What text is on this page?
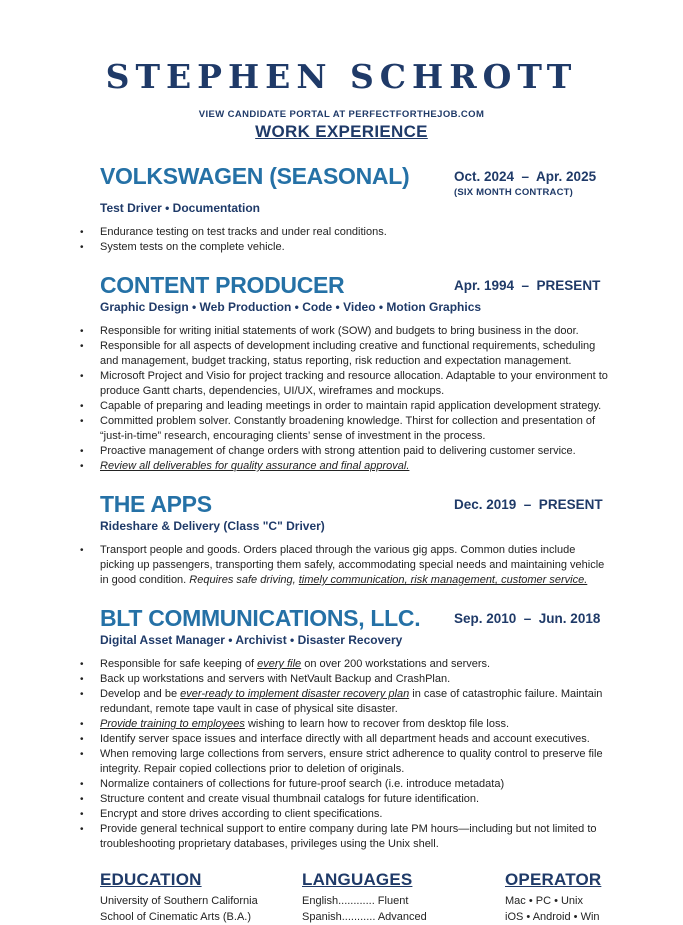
STEPHEN SCHROTT
VIEW CANDIDATE PORTAL AT PERFECTFORTHEJOB.COM
WORK EXPERIENCE
VOLKSWAGEN (SEASONAL)	Oct. 2024  –  Apr. 2025
(SIX MONTH CONTRACT)
Test Driver • Documentation
• Endurance testing on test tracks and under real conditions.
• System tests on the complete vehicle.
CONTENT PRODUCER	Apr. 1994  –  PRESENT
Graphic Design • Web Production • Code • Video • Motion Graphics
• Responsible for writing initial statements of work (SOW) and budgets to bring business in the door.
• Responsible for all aspects of development including creative and functional requirements, scheduling and management, budget tracking, status reporting, risk reduction and expectation management.
• Microsoft Project and Visio for project tracking and resource allocation. Adaptable to your environment to produce Gantt charts, dependencies, UI/UX, wireframes and mockups.
• Capable of preparing and leading meetings in order to maintain rapid application development strategy.
• Committed problem solver. Constantly broadening knowledge. Thirst for collection and presentation of “just-in-time” research, encouraging clients’ sense of investment in the process.
• Proactive management of change orders with strong attention paid to delivering customer service.
• Review all deliverables for quality assurance and final approval.
THE APPS	Dec. 2019  –  PRESENT
Rideshare & Delivery (Class "C" Driver)
• Transport people and goods. Orders placed through the various gig apps. Common duties include picking up passengers, transporting them safely, accommodating special needs and maintaining vehicle in good condition. Requires safe driving, timely communication, risk management, customer service.
BLT COMMUNICATIONS, LLC.	Sep. 2010  –  Jun. 2018
Digital Asset Manager • Archivist • Disaster Recovery
• Responsible for safe keeping of every file on over 200 workstations and servers.
• Back up workstations and servers with NetVault Backup and CrashPlan.
• Develop and be ever-ready to implement disaster recovery plan in case of catastrophic failure. Maintain redundant, remote tape vault in case of physical site disaster.
• Provide training to employees wishing to learn how to recover from desktop file loss.
• Identify server space issues and interface directly with all department heads and account executives.
• When removing large collections from servers, ensure strict adherence to quality control to preserve file integrity. Repair copied collections prior to deletion of originals.
• Normalize containers of collections for future-proof search (i.e. introduce metadata)
• Structure content and create visual thumbnail catalogs for future identification.
• Encrypt and store drives according to client specifications.
• Provide general technical support to entire company during late PM hours—including but not limited to troubleshooting proprietary databases, privileges using the Unix shell.
EDUCATION
University of Southern California
School of Cinematic Arts (B.A.)
LANGUAGES
English............ Fluent
Spanish........... Advanced
OPERATOR
Mac • PC • Unix
iOS • Android • Win
